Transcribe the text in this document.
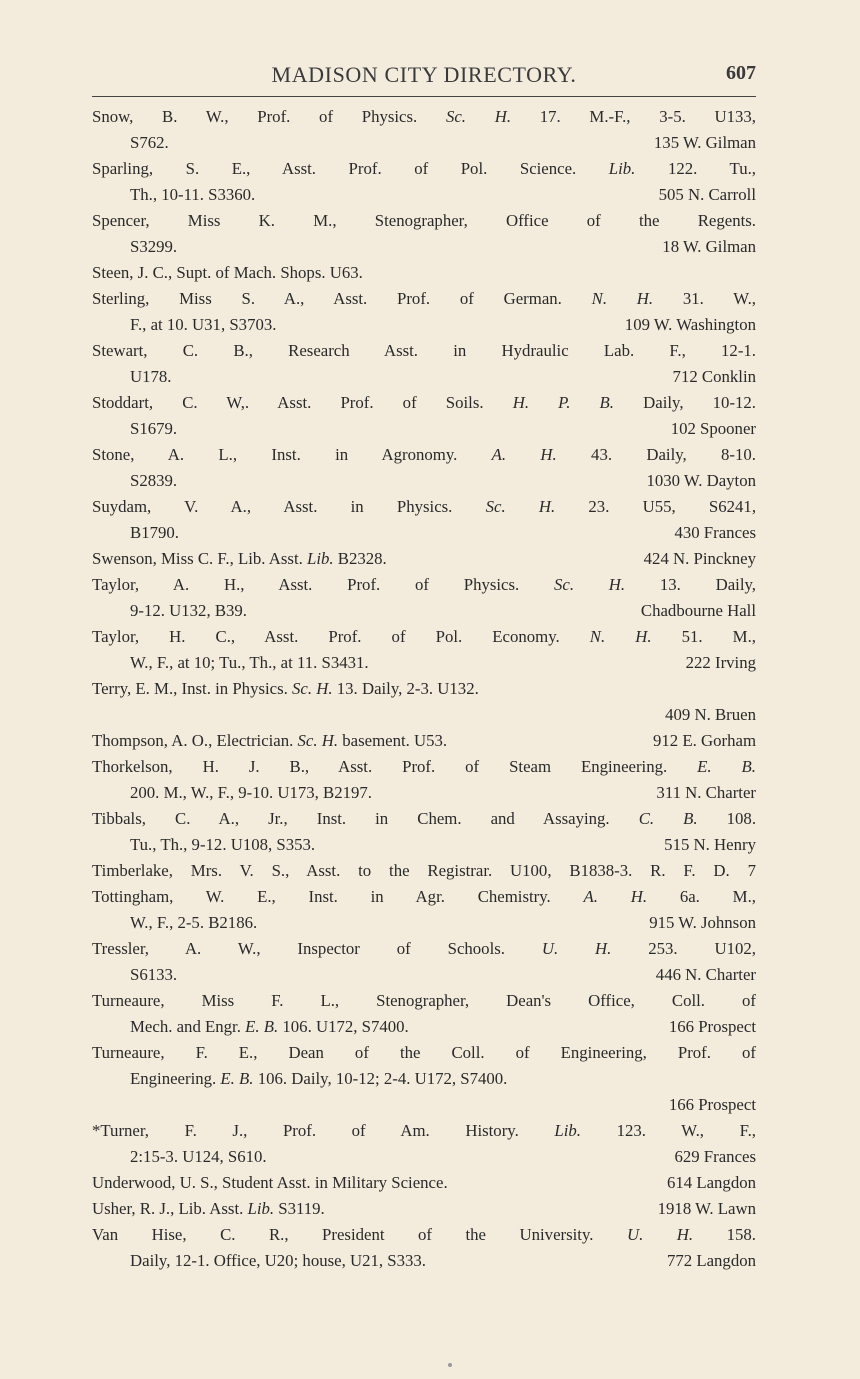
MADISON CITY DIRECTORY.	607
Snow, B. W., Prof. of Physics. Sc. H. 17. M.-F., 3-5. U133,
S762.	135 W. Gilman
Sparling, S. E., Asst. Prof. of Pol. Science. Lib. 122. Tu.,
Th., 10-11. S3360.	505 N. Carroll
Spencer, Miss K. M., Stenographer, Office of the Regents.
S3299.	18 W. Gilman
Steen, J. C., Supt. of Mach. Shops. U63.
Sterling, Miss S. A., Asst. Prof. of German. N. H. 31. W.,
F., at 10. U31, S3703.	109 W. Washington
Stewart, C. B., Research Asst. in Hydraulic Lab. F., 12-1.
U178.	712 Conklin
Stoddart, C. W,. Asst. Prof. of Soils. H. P. B. Daily, 10-12.
S1679.	102 Spooner
Stone, A. L., Inst. in Agronomy. A. H. 43. Daily, 8-10.
S2839.	1030 W. Dayton
Suydam, V. A., Asst. in Physics. Sc. H. 23. U55, S6241,
B1790.	430 Frances
Swenson, Miss C. F., Lib. Asst. Lib. B2328.	424 N. Pinckney
Taylor, A. H., Asst. Prof. of Physics. Sc. H. 13. Daily,
9-12. U132, B39.	Chadbourne Hall
Taylor, H. C., Asst. Prof. of Pol. Economy. N. H. 51. M.,
W., F., at 10; Tu., Th., at 11. S3431.	222 Irving
Terry, E. M., Inst. in Physics. Sc. H. 13. Daily, 2-3. U132.
409 N. Bruen
Thompson, A. O., Electrician. Sc. H. basement. U53.	912 E. Gorham
Thorkelson, H. J. B., Asst. Prof. of Steam Engineering. E. B.
200. M., W., F., 9-10. U173, B2197.	311 N. Charter
Tibbals, C. A., Jr., Inst. in Chem. and Assaying. C. B. 108.
Tu., Th., 9-12. U108, S353.	515 N. Henry
Timberlake, Mrs. V. S., Asst. to the Registrar. U100, B1838-3. R. F. D. 7
Tottingham, W. E., Inst. in Agr. Chemistry. A. H. 6a. M.,
W., F., 2-5. B2186.	915 W. Johnson
Tressler, A. W., Inspector of Schools. U. H. 253. U102,
S6133.	446 N. Charter
Turneaure, Miss F. L., Stenographer, Dean's Office, Coll. of
Mech. and Engr. E. B. 106. U172, S7400.	166 Prospect
Turneaure, F. E., Dean of the Coll. of Engineering, Prof. of
Engineering. E. B. 106. Daily, 10-12; 2-4. U172, S7400.
166 Prospect
*Turner, F. J., Prof. of Am. History. Lib. 123. W., F.,
2:15-3. U124, S610.	629 Frances
Underwood, U. S., Student Asst. in Military Science.	614 Langdon
Usher, R. J., Lib. Asst. Lib. S3119.	1918 W. Lawn
Van Hise, C. R., President of the University. U. H. 158.
Daily, 12-1. Office, U20; house, U21, S333.	772 Langdon
